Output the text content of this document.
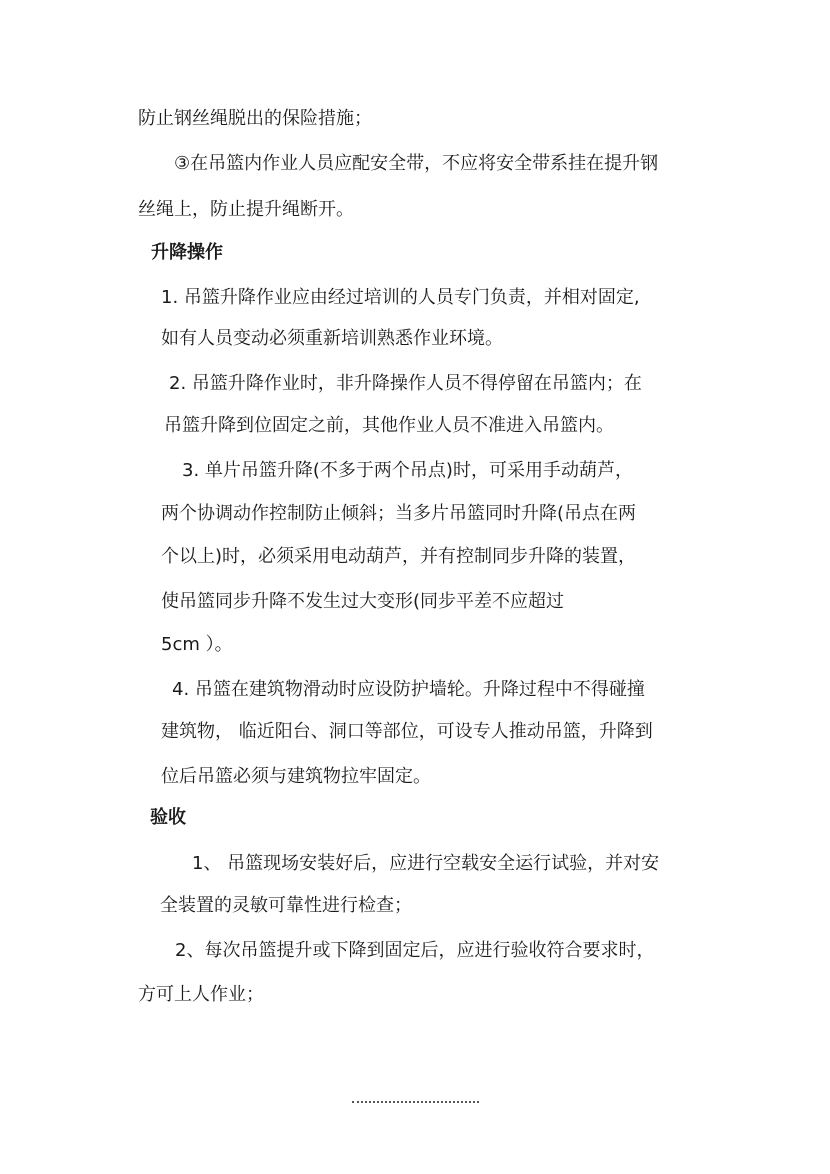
防止钢丝绳脱出的保险措施；
③在吊篮内作业人员应配安全带，不应将安全带系挂在提升钢
丝绳上，防止提升绳断开。
升降操作
1. 吊篮升降作业应由经过培训的人员专门负责，并相对固定,
如有人员变动必须重新培训熟悉作业环境。
2. 吊篮升降作业时，非升降操作人员不得停留在吊篮内；在
吊篮升降到位固定之前，其他作业人员不准进入吊篮内。
3. 单片吊篮升降(不多于两个吊点)时，可采用手动葫芦，
两个协调动作控制防止倾斜；当多片吊篮同时升降(吊点在两
个以上)时，必须采用电动葫芦，并有控制同步升降的装置，
使吊篮同步升降不发生过大变形(同步平差不应超过
5cm ）。
4. 吊篮在建筑物滑动时应设防护墙轮。升降过程中不得碰撞
建筑物， 临近阳台、洞口等部位，可设专人推动吊篮，升降到
位后吊篮必须与建筑物拉牢固定。
验收
1、 吊篮现场安装好后，应进行空载安全运行试验，并对安
全装置的灵敏可靠性进行检查；
2、每次吊篮提升或下降到固定后，应进行验收符合要求时，
方可上人作业；
